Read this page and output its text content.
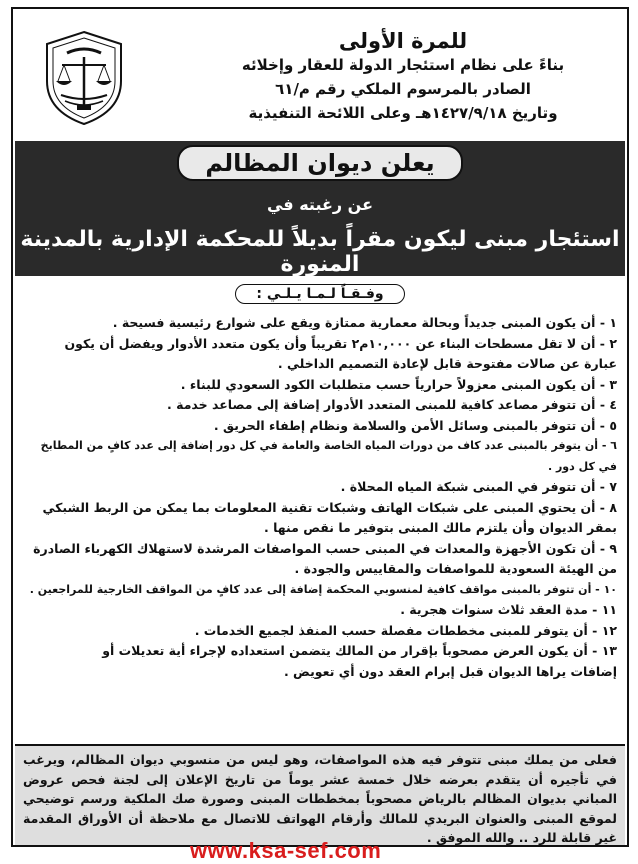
للمرة الأولى
بناءً على نظام استئجار الدولة للعقار وإخلائه
الصادر بالمرسوم الملكي رقم م/٦١
وتاريخ ١٤٢٧/٩/١٨هـ وعلى اللائحة التنفيذية
يعلن ديوان المظالم
عن رغبته في
استئجار مبنى ليكون مقراً بديلاً للمحكمة الإدارية بالمدينة المنورة
وفـقـاً لـمـا يـلـي :
١ - أن يكون المبنى جديداً وبحالة معمارية ممتازة ويقع على شوارع رئيسية فسيحة .
٢ - أن لا تقل مسطحات البناء عن ١٠,٠٠٠م٢ تقريباً وأن يكون متعدد الأدوار ويفضل أن يكون
عبارة عن صالات مفتوحة قابل لإعادة التصميم الداخلي .
٣ - أن يكون المبنى معزولاً حرارياً حسب متطلبات الكود السعودي للبناء .
٤ - أن تتوفر مصاعد كافية للمبنى المتعدد الأدوار إضافة إلى مصاعد خدمة .
٥ - أن تتوفر بالمبنى وسائل الأمن والسلامة ونظام إطفاء الحريق .
٦ - أن يتوفر بالمبنى عدد كاف من دورات المياه الخاصة والعامة في كل دور إضافة إلى عدد كافٍ من المطابخ في كل دور .
٧ - أن تتوفر في المبنى شبكة المياه المحلاة .
٨ - أن يحتوي المبنى على شبكات الهاتف وشبكات تقنية المعلومات بما يمكن من الربط الشبكي
بمقر الديوان وأن يلتزم مالك المبنى بتوفير ما نقص منها .
٩ - أن تكون الأجهزة والمعدات في المبنى حسب المواصفات المرشدة لاستهلاك الكهرباء الصادرة
من الهيئة السعودية للمواصفات والمقاييس والجودة .
١٠ - أن تتوفر بالمبنى مواقف كافية لمنسوبي المحكمة إضافة إلى عدد كافٍ من المواقف الخارجية للمراجعين .
١١ - مدة العقد ثلاث سنوات هجرية .
١٢ - أن يتوفر للمبنى مخططات مفصلة حسب المنفذ لجميع الخدمات .
١٣ - أن يكون العرض مصحوباً بإقرار من المالك يتضمن استعداده لإجراء أية تعديلات أو
إضافات يراها الديوان قبل إبرام العقد دون أي تعويض .
فعلى من يملك مبنى تتوفر فيه هذه المواصفات، وهو ليس من منسوبي ديوان المظالم، ويرغب في تأجيره أن يتقدم بعرضه خلال خمسة عشر يوماً من تاريخ الإعلان إلى لجنة فحص عروض المباني بديوان المظالم بالرياض مصحوباً بمخططات المبنى وصورة صك الملكية ورسم توضيحي لموقع المبنى والعنوان البريدي للمالك وأرقام الهواتف للاتصال مع ملاحظة أن الأوراق المقدمة غير قابلة للرد .. والله الموفق .
www.ksa-sef.com
